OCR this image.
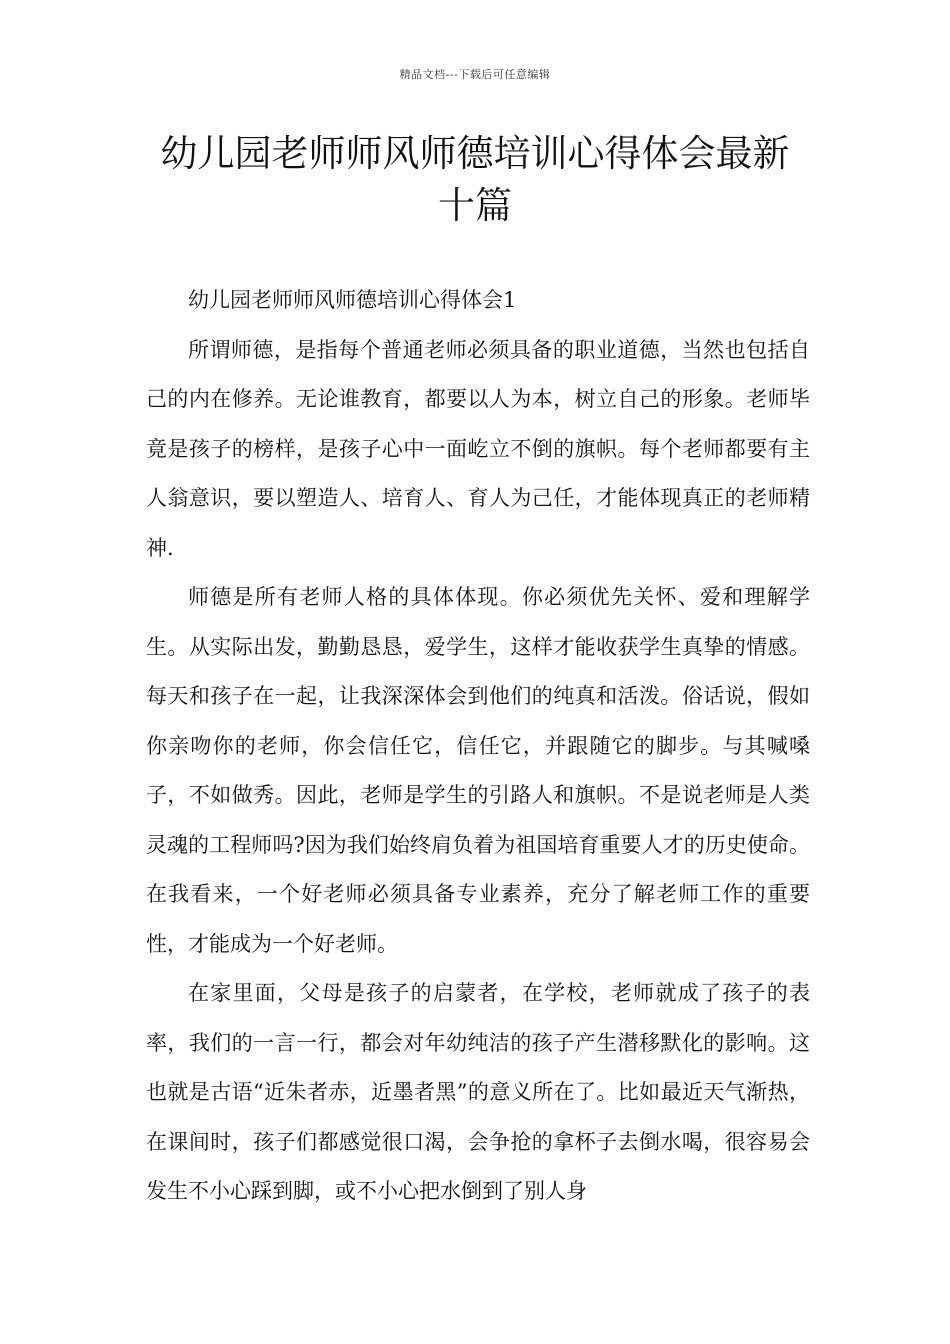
精品文档---下载后可任意编辑
幼儿园老师师风师德培训心得体会最新
十篇

幼儿园老师师风师德培训心得体会1

所谓师德，是指每个普通老师必须具备的职业道德，当然也包括自己的内在修养。无论谁教育，都要以人为本，树立自己的形象。老师毕竟是孩子的榜样，是孩子心中一面屹立不倒的旗帜。每个老师都要有主人翁意识，要以塑造人、培育人、育人为己任，才能体现真正的老师精神.

师德是所有老师人格的具体体现。你必须优先关怀、爱和理解学生。从实际出发，勤勤恳恳，爱学生，这样才能收获学生真挚的情感。每天和孩子在一起，让我深深体会到他们的纯真和活泼。俗话说，假如你亲吻你的老师，你会信任它，信任它，并跟随它的脚步。与其喊嗓子，不如做秀。因此，老师是学生的引路人和旗帜。不是说老师是人类灵魂的工程师吗?因为我们始终肩负着为祖国培育重要人才的历史使命。在我看来，一个好老师必须具备专业素养，充分了解老师工作的重要性，才能成为一个好老师。

在家里面，父母是孩子的启蒙者，在学校，老师就成了孩子的表率，我们的一言一行，都会对年幼纯洁的孩子产生潜移默化的影响。这也就是古语“近朱者赤，近墨者黑”的意义所在了。比如最近天气渐热，在课间时，孩子们都感觉很口渴，会争抢的拿杯子去倒水喝，很容易会发生不小心踩到脚，或不小心把水倒到了别人身
